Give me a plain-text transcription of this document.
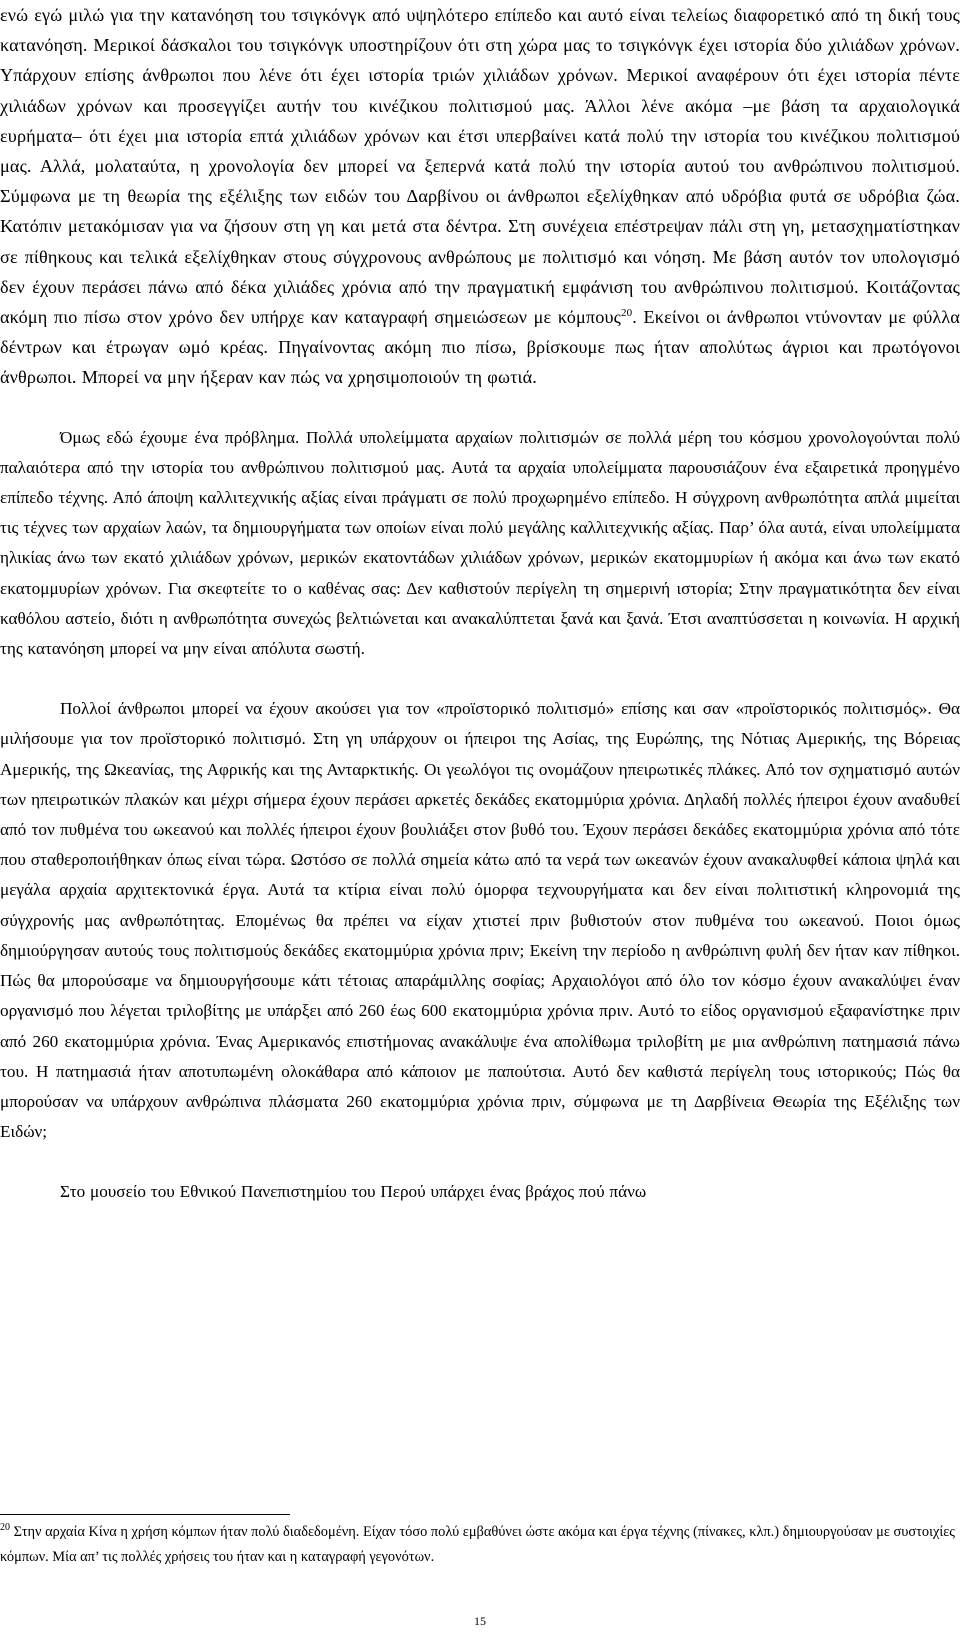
ενώ εγώ μιλώ για την κατανόηση του τσιγκόνγκ από υψηλότερο επίπεδο και αυτό είναι τελείως διαφορετικό από τη δική τους κατανόηση. Μερικοί δάσκαλοι του τσιγκόνγκ υποστηρίζουν ότι στη χώρα μας το τσιγκόνγκ έχει ιστορία δύο χιλιάδων χρόνων. Υπάρχουν επίσης άνθρωποι που λένε ότι έχει ιστορία τριών χιλιάδων χρόνων. Μερικοί αναφέρουν ότι έχει ιστορία πέντε χιλιάδων χρόνων και προσεγγίζει αυτήν του κινέζικου πολιτισμού μας. Άλλοι λένε ακόμα –με βάση τα αρχαιολογικά ευρήματα– ότι έχει μια ιστορία επτά χιλιάδων χρόνων και έτσι υπερβαίνει κατά πολύ την ιστορία του κινέζικου πολιτισμού μας. Αλλά, μολαταύτα, η χρονολογία δεν μπορεί να ξεπερνά κατά πολύ την ιστορία αυτού του ανθρώπινου πολιτισμού. Σύμφωνα με τη θεωρία της εξέλιξης των ειδών του Δαρβίνου οι άνθρωποι εξελίχθηκαν από υδρόβια φυτά σε υδρόβια ζώα. Κατόπιν μετακόμισαν για να ζήσουν στη γη και μετά στα δέντρα. Στη συνέχεια επέστρεψαν πάλι στη γη, μετασχηματίστηκαν σε πίθηκους και τελικά εξελίχθηκαν στους σύγχρονους ανθρώπους με πολιτισμό και νόηση. Με βάση αυτόν τον υπολογισμό δεν έχουν περάσει πάνω από δέκα χιλιάδες χρόνια από την πραγματική εμφάνιση του ανθρώπινου πολιτισμού. Κοιτάζοντας ακόμη πιο πίσω στον χρόνο δεν υπήρχε καν καταγραφή σημειώσεων με κόμπους$^{20}$. Εκείνοι οι άνθρωποι ντύνονταν με φύλλα δέντρων και έτρωγαν ωμό κρέας. Πηγαίνοντας ακόμη πιο πίσω, βρίσκουμε πως ήταν απολύτως άγριοι και πρωτόγονοι άνθρωποι. Μπορεί να μην ήξεραν καν πώς να χρησιμοποιούν τη φωτιά.

Όμως εδώ έχουμε ένα πρόβλημα. Πολλά υπολείμματα αρχαίων πολιτισμών σε πολλά μέρη του κόσμου χρονολογούνται πολύ παλαιότερα από την ιστορία του ανθρώπινου πολιτισμού μας. Αυτά τα αρχαία υπολείμματα παρουσιάζουν ένα εξαιρετικά προηγμένο επίπεδο τέχνης. Από άποψη καλλιτεχνικής αξίας είναι πράγματι σε πολύ προχωρημένο επίπεδο. Η σύγχρονη ανθρωπότητα απλά μιμείται τις τέχνες των αρχαίων λαών, τα δημιουργήματα των οποίων είναι πολύ μεγάλης καλλιτεχνικής αξίας. Παρ’ όλα αυτά, είναι υπολείμματα ηλικίας άνω των εκατό χιλιάδων χρόνων, μερικών εκατοντάδων χιλιάδων χρόνων, μερικών εκατομμυρίων ή ακόμα και άνω των εκατό εκατομμυρίων χρόνων. Για σκεφτείτε το o καθένας σας: Δεν καθιστούν περίγελη τη σημερινή ιστορία; Στην πραγματικότητα δεν είναι καθόλου αστείο, διότι η ανθρωπότητα συνεχώς βελτιώνεται και ανακαλύπτεται ξανά και ξανά. Έτσι αναπτύσσεται η κοινωνία. Η αρχική της κατανόηση μπορεί να μην είναι απόλυτα σωστή.

Πολλοί άνθρωποι μπορεί να έχουν ακούσει για τον «προϊστορικό πολιτισμό» επίσης και σαν «προϊστορικός πολιτισμός». Θα μιλήσουμε για τον προϊστορικό πολιτισμό. Στη γη υπάρχουν οι ήπειροι της Ασίας, της Ευρώπης, της Νότιας Αμερικής, της Βόρειας Αμερικής, της Ωκεανίας, της Αφρικής και της Ανταρκτικής. Οι γεωλόγοι τις ονομάζουν ηπειρωτικές πλάκες. Από τον σχηματισμό αυτών των ηπειρωτικών πλακών και μέχρι σήμερα έχουν περάσει αρκετές δεκάδες εκατομμύρια χρόνια. Δηλαδή πολλές ήπειροι έχουν αναδυθεί από τον πυθμένα του ωκεανού και πολλές ήπειροι έχουν βουλιάξει στον βυθό του. Έχουν περάσει δεκάδες εκατομμύρια χρόνια από τότε που σταθεροποιήθηκαν όπως είναι τώρα. Ωστόσο σε πολλά σημεία κάτω από τα νερά των ωκεανών έχουν ανακαλυφθεί κάποια ψηλά και μεγάλα αρχαία αρχιτεκτονικά έργα. Αυτά τα κτίρια είναι πολύ όμορφα τεχνουργήματα και δεν είναι πολιτιστική κληρονομιά της σύγχρονής μας ανθρωπότητας. Επομένως θα πρέπει να είχαν χτιστεί πριν βυθιστούν στον πυθμένα του ωκεανού. Ποιοι όμως δημιούργησαν αυτούς τους πολιτισμούς δεκάδες εκατομμύρια χρόνια πριν; Εκείνη την περίοδο η ανθρώπινη φυλή δεν ήταν καν πίθηκοι. Πώς θα μπορούσαμε να δημιουργήσουμε κάτι τέτοιας απαράμιλλης σοφίας; Αρχαιολόγοι από όλο τον κόσμο έχουν ανακαλύψει έναν οργανισμό που λέγεται τριλοβίτης με υπάρξει από 260 έως 600 εκατομμύρια χρόνια πριν. Αυτό το είδος οργανισμού εξαφανίστηκε πριν από 260 εκατομμύρια χρόνια. Ένας Αμερικανός επιστήμονας ανακάλυψε ένα απολίθωμα τριλοβίτη με μια ανθρώπινη πατημασιά πάνω του. Η πατημασιά ήταν αποτυπωμένη ολοκάθαρα από κάποιον με παπούτσια. Αυτό δεν καθιστά περίγελη τους ιστορικούς; Πώς θα μπορούσαν να υπάρχουν ανθρώπινα πλάσματα 260 εκατομμύρια χρόνια πριν, σύμφωνα με τη Δαρβίνεια Θεωρία της Εξέλιξης των Ειδών;

Στο μουσείο του Εθνικού Πανεπιστημίου του Περού υπάρχει ένας βράχος πού πάνω

$^{20}$ Στην αρχαία Κίνα η χρήση κόμπων ήταν πολύ διαδεδομένη. Είχαν τόσο πολύ εμβαθύνει ώστε ακόμα και έργα τέχνης (πίνακες, κλπ.) δημιουργούσαν με συστοιχίες κόμπων. Μία απ’ τις πολλές χρήσεις του ήταν και η καταγραφή γεγονότων.

15
